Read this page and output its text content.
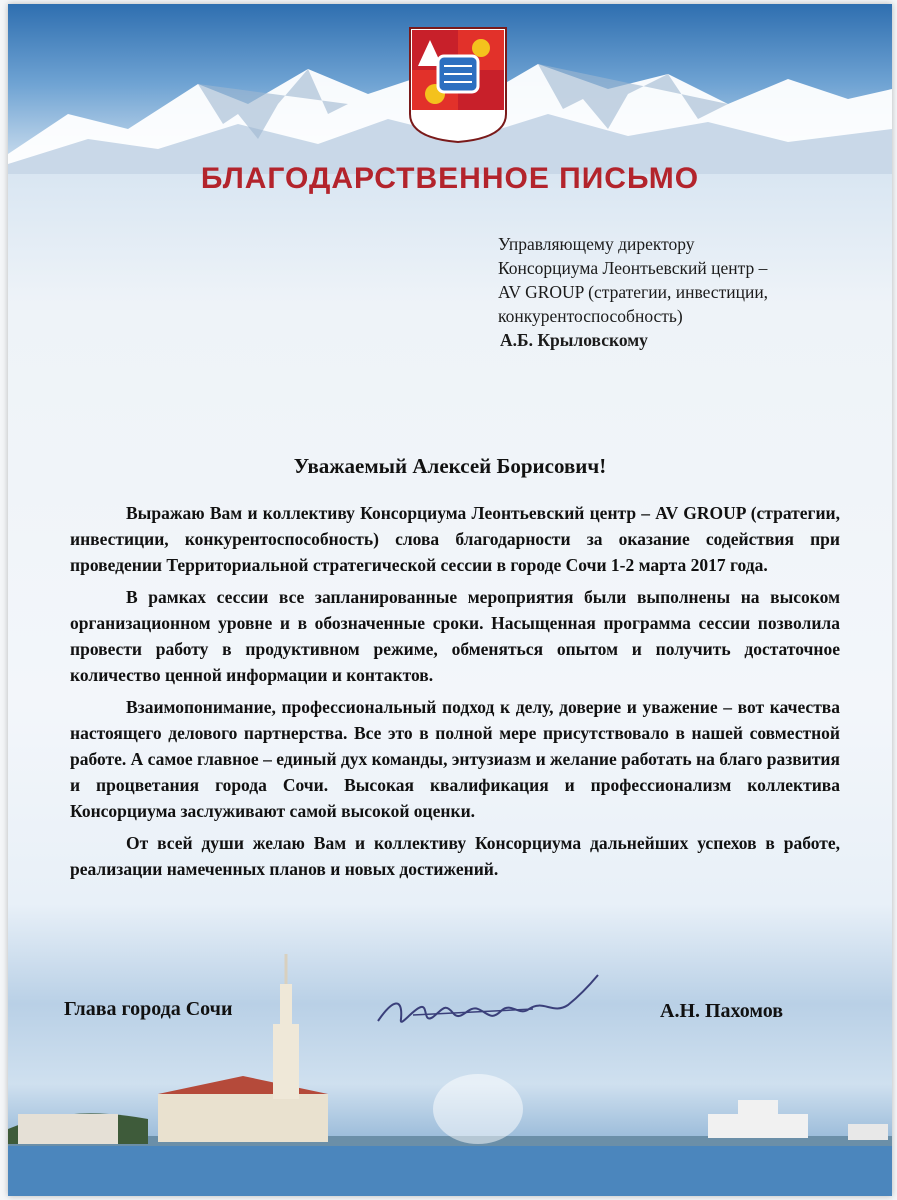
БЛАГОДАРСТВЕННОЕ ПИСЬМО
Управляющему директору
Консорциума Леонтьевский центр –
AV GROUP (стратегии, инвестиции,
конкурентоспособность)
А.Б. Крыловскому
Уважаемый Алексей Борисович!

Выражаю Вам и коллективу Консорциума Леонтьевский центр – AV GROUP (стратегии, инвестиции, конкурентоспособность) слова благодарности за оказание содействия при проведении Территориальной стратегической сессии в городе Сочи 1-2 марта 2017 года.

В рамках сессии все запланированные мероприятия были выполнены на высоком организационном уровне и в обозначенные сроки. Насыщенная программа сессии позволила провести работу в продуктивном режиме, обменяться опытом и получить достаточное количество ценной информации и контактов.

Взаимопонимание, профессиональный подход к делу, доверие и уважение – вот качества настоящего делового партнерства. Все это в полной мере присутствовало в нашей совместной работе. А самое главное – единый дух команды, энтузиазм и желание работать на благо развития и процветания города Сочи. Высокая квалификация и профессионализм коллектива Консорциума заслуживают самой высокой оценки.

От всей души желаю Вам и коллективу Консорциума дальнейших успехов в работе, реализации намеченных планов и новых достижений.

Глава города Сочи	А.Н. Пахомов
